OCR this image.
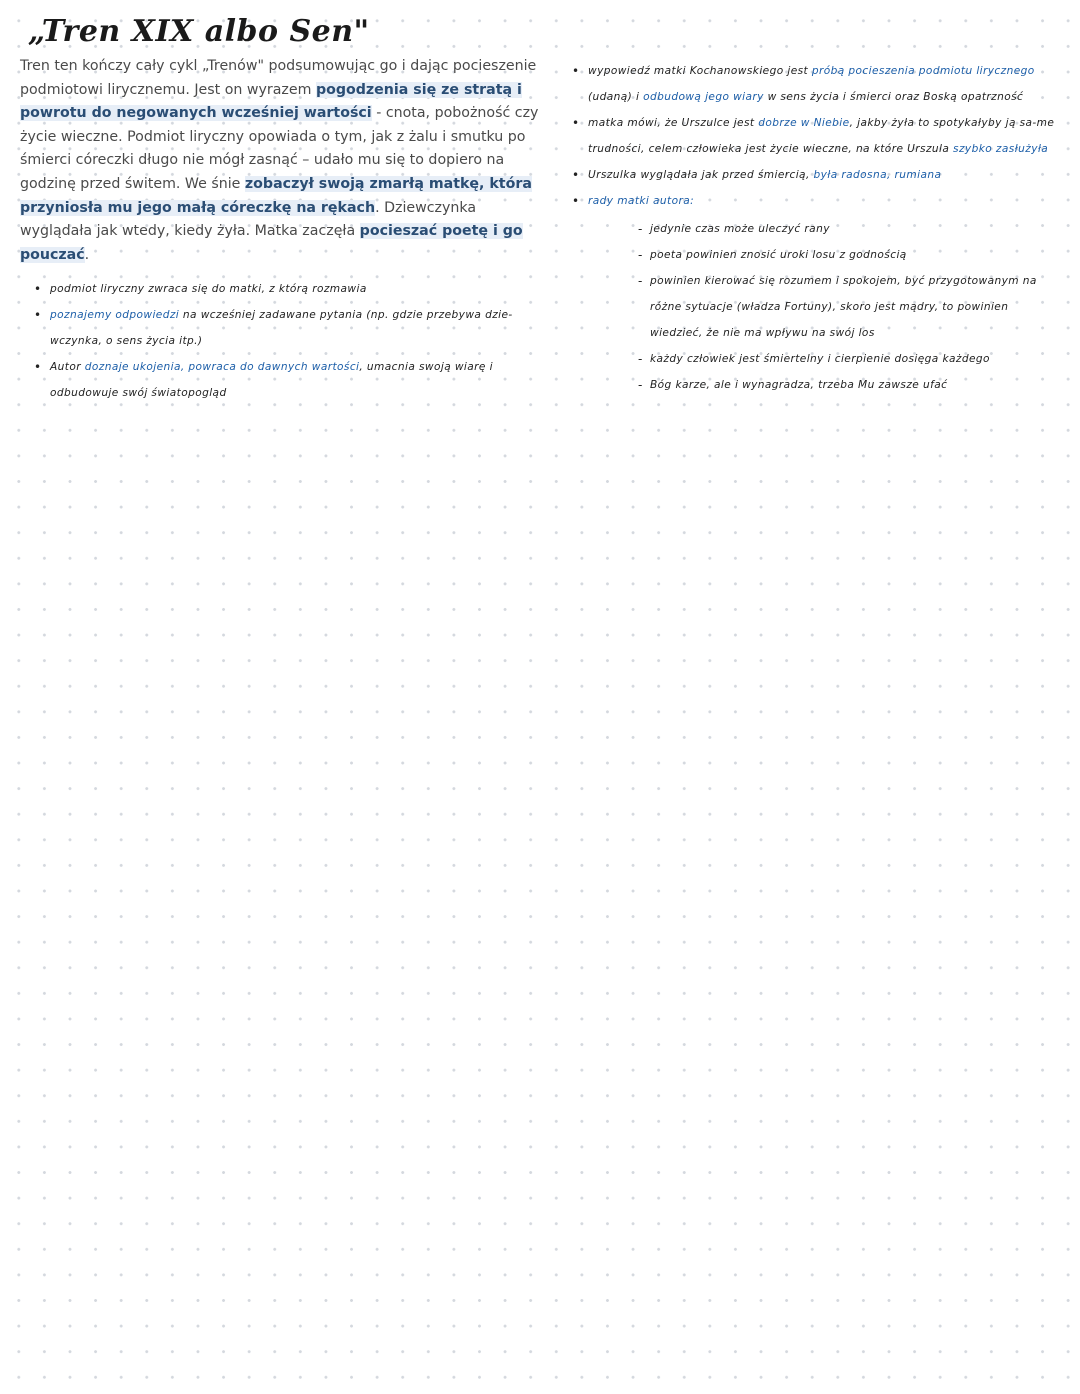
„Tren XIX albo Sen"

Tren ten kończy cały cykl „Trenów" podsumowując go i dając pocieszenie podmiotowi lirycznemu. Jest on wyrazem pogodzenia się ze stratą i powrotu do negowanych wcześniej wartości - cnota, pobożność czy życie wieczne. Podmiot liryczny opowiada o tym, jak z żalu i smutku po śmierci córeczki długo nie mógł zasnąć – udało mu się to dopiero na godzinę przed świtem. We śnie zobaczył swoją zmarłą matkę, która przyniosła mu jego małą córeczkę na rękach. Dziewczynka wyglądała jak wtedy, kiedy żyła. Matka zaczęła pocieszać poetę i go pouczać.

• podmiot liryczny zwraca się do matki, z którą rozmawia
• poznajemy odpowiedzi na wcześniej zadawane pytania (np. gdzie przebywa dzie-wczynka, o sens życia itp.)
• Autor doznaje ukojenia, powraca do dawnych wartości, umacnia swoją wiarę i odbudowuje swój światopogląd
• wypowiedź matki Kochanowskiego jest próbą pocieszenia podmiotu lirycznego (udaną) i odbudową jego wiary w sens życia i śmierci oraz Boską opatrzność
• matka mówi, że Urszulce jest dobrze w Niebie, jakby żyła to spotykałyby ją sa-me trudności, celem człowieka jest życie wieczne, na które Urszula szybko zasłużyła
• Urszulka wyglądała jak przed śmiercią, była radosna, rumiana
• rady matki autora:
- jedynie czas może uleczyć rany
- poeta powinien znosić uroki losu z godnością
- powinien kierować się rozumem i spokojem, być przygotowanym na różne sytuacje (władza Fortuny), skoro jest mądry, to powinien wiedzieć, że nie ma wpływu na swój los
- każdy człowiek jest śmiertelny i cierpienie dosięga każdego
- Bóg karze, ale i wynagradza, trzeba Mu zawsze ufać
